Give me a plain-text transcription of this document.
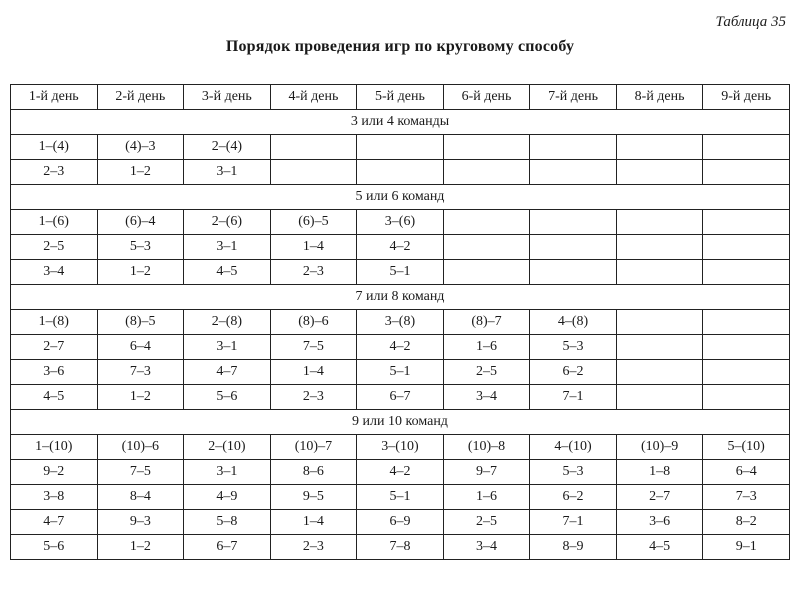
Таблица 35
Порядок проведения игр по круговому способу
1-й день	2-й день	3-й день	4-й день	5-й день	6-й день	7-й день	8-й день	9-й день
3 или 4 команды								
1–(4)	(4)–3	2–(4)						
2–3	1–2	3–1						
5 или 6 команд								
1–(6)	(6)–4	2–(6)	(6)–5	3–(6)				
2–5	5–3	3–1	1–4	4–2				
3–4	1–2	4–5	2–3	5–1				
7 или 8 команд								
1–(8)	(8)–5	2–(8)	(8)–6	3–(8)	(8)–7	4–(8)		
2–7	6–4	3–1	7–5	4–2	1–6	5–3		
3–6	7–3	4–7	1–4	5–1	2–5	6–2		
4–5	1–2	5–6	2–3	6–7	3–4	7–1		
9 или 10 команд								
1–(10)	(10)–6	2–(10)	(10)–7	3–(10)	(10)–8	4–(10)	(10)–9	5–(10)
9–2	7–5	3–1	8–6	4–2	9–7	5–3	1–8	6–4
3–8	8–4	4–9	9–5	5–1	1–6	6–2	2–7	7–3
4–7	9–3	5–8	1–4	6–9	2–5	7–1	3–6	8–2
5–6	1–2	6–7	2–3	7–8	3–4	8–9	4–5	9–1
